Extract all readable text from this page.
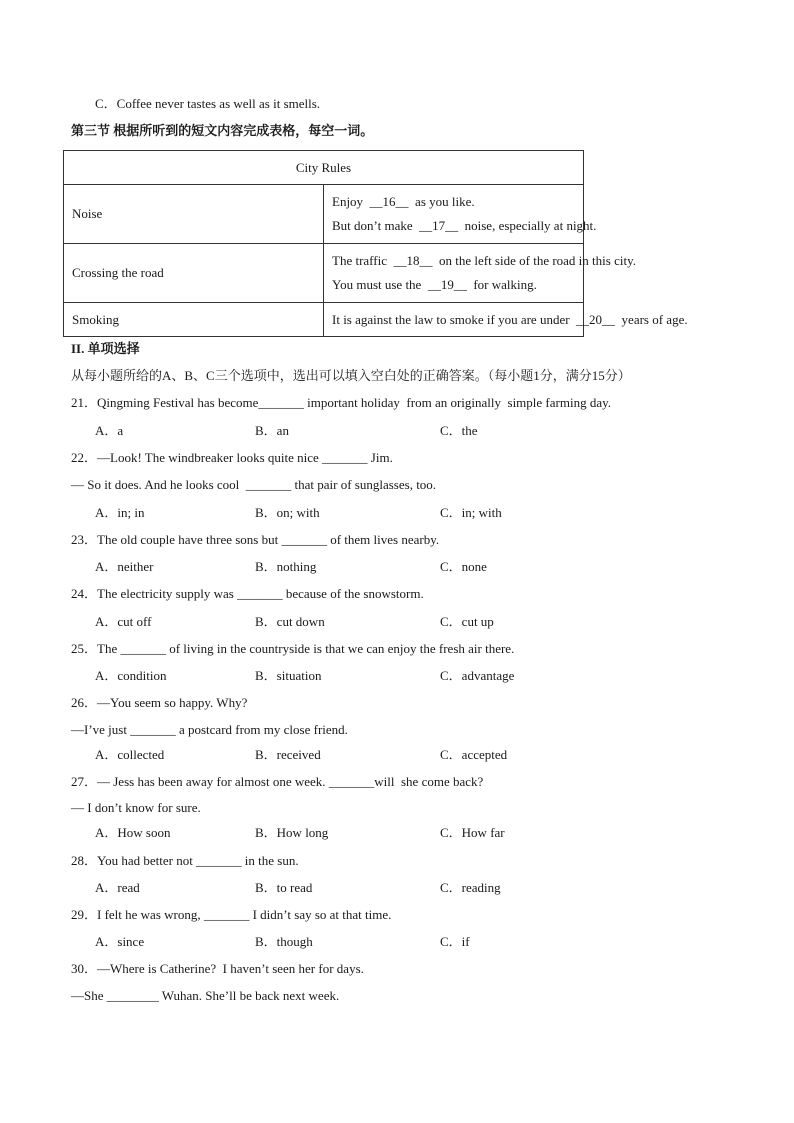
C．Coffee never tastes as well as it smells.
第三节 根据所听到的短文内容完成表格，每空一词。
City Rules	
Noise	Enjoy  __16__  as you like.
But don’t make  __17__  noise, especially at night.

Crossing the road	The traffic  __18__  on the left side of the road in this city.
You must use the  __19__  for walking.

Smoking	It is against the law to smoke if you are under  __20__  years of age.
II. 单项选择
从每小题所给的A、B、C三个选项中，选出可以填入空白处的正确答案。（每小题1分，满分15分）
21．Qingming Festival has become_______ important holiday  from an originally  simple farming day.
A．a	B．an	C．the
22．—Look! The windbreaker looks quite nice _______ Jim.
— So it does. And he looks cool  _______ that pair of sunglasses, too.
A．in; in	B．on; with	C．in; with
23．The old couple have three sons but _______ of them lives nearby.
A．neither	B．nothing	C．none
24．The electricity supply was _______ because of the snowstorm.
A．cut off	B．cut down	C．cut up
25．The _______ of living in the countryside is that we can enjoy the fresh air there.
A．condition	B．situation	C．advantage
26．—You seem so happy. Why?
—I’ve just _______ a postcard from my close friend.
A．collected	B．received	C．accepted
27．— Jess has been away for almost one week. _______will  she come back?
— I don’t know for sure.
A．How soon	B．How long	C．How far
28．You had better not _______ in the sun.
A．read	B．to read	C．reading
29．I felt he was wrong, _______ I didn’t say so at that time.
A．since	B．though	C．if
30．—Where is Catherine?  I haven’t seen her for days.
—She ________ Wuhan. She’ll be back next week.
